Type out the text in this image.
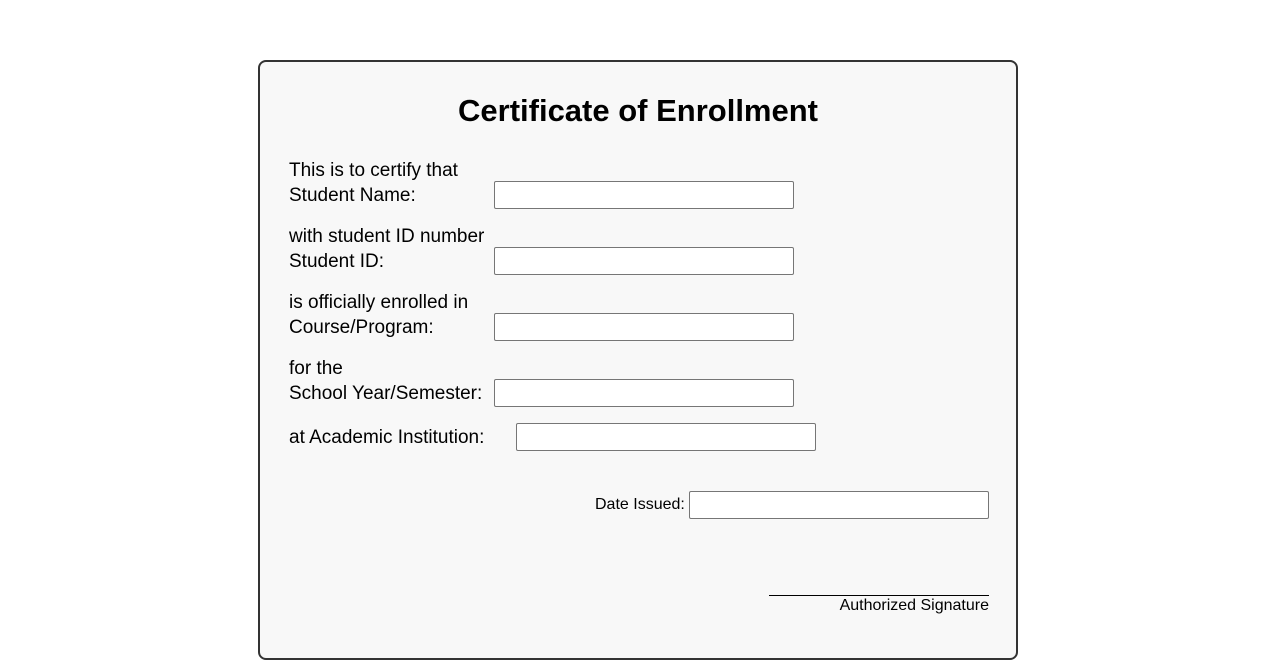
Certificate of Enrollment
This is to certify that
Student Name:
with student ID number
Student ID:
is officially enrolled in
Course/Program:
for the
School Year/Semester:
at Academic Institution:
Date Issued:
Authorized Signature
